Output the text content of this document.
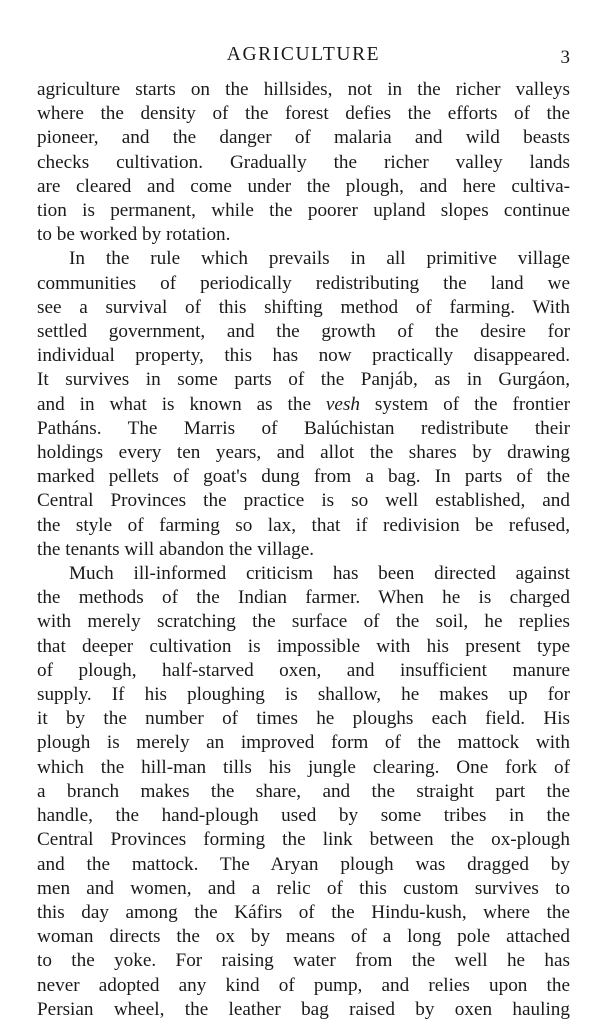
AGRICULTURE	3
agriculture starts on the hillsides, not in the richer valleys
where the density of the forest defies the efforts of the
pioneer, and the danger of malaria and wild beasts
checks cultivation. Gradually the richer valley lands
are cleared and come under the plough, and here cultiva-
tion is permanent, while the poorer upland slopes continue
to be worked by rotation.
In the rule which prevails in all primitive village
communities of periodically redistributing the land we
see a survival of this shifting method of farming. With
settled government, and the growth of the desire for
individual property, this has now practically disappeared.
It survives in some parts of the Panjáb, as in Gurgáon,
and in what is known as the vesh system of the frontier
Patháns. The Marris of Balúchistan redistribute their
holdings every ten years, and allot the shares by drawing
marked pellets of goat's dung from a bag. In parts of the
Central Provinces the practice is so well established, and
the style of farming so lax, that if redivision be refused,
the tenants will abandon the village.
Much ill-informed criticism has been directed against
the methods of the Indian farmer. When he is charged
with merely scratching the surface of the soil, he replies
that deeper cultivation is impossible with his present type
of plough, half-starved oxen, and insufficient manure
supply. If his ploughing is shallow, he makes up for
it by the number of times he ploughs each field. His
plough is merely an improved form of the mattock with
which the hill-man tills his jungle clearing. One fork of
a branch makes the share, and the straight part the
handle, the hand-plough used by some tribes in the
Central Provinces forming the link between the ox-plough
and the mattock. The Aryan plough was dragged by
men and women, and a relic of this custom survives to
this day among the Káfirs of the Hindu-kush, where the
woman directs the ox by means of a long pole attached
to the yoke. For raising water from the well he has
never adopted any kind of pump, and relies upon the
Persian wheel, the leather bag raised by oxen hauling
